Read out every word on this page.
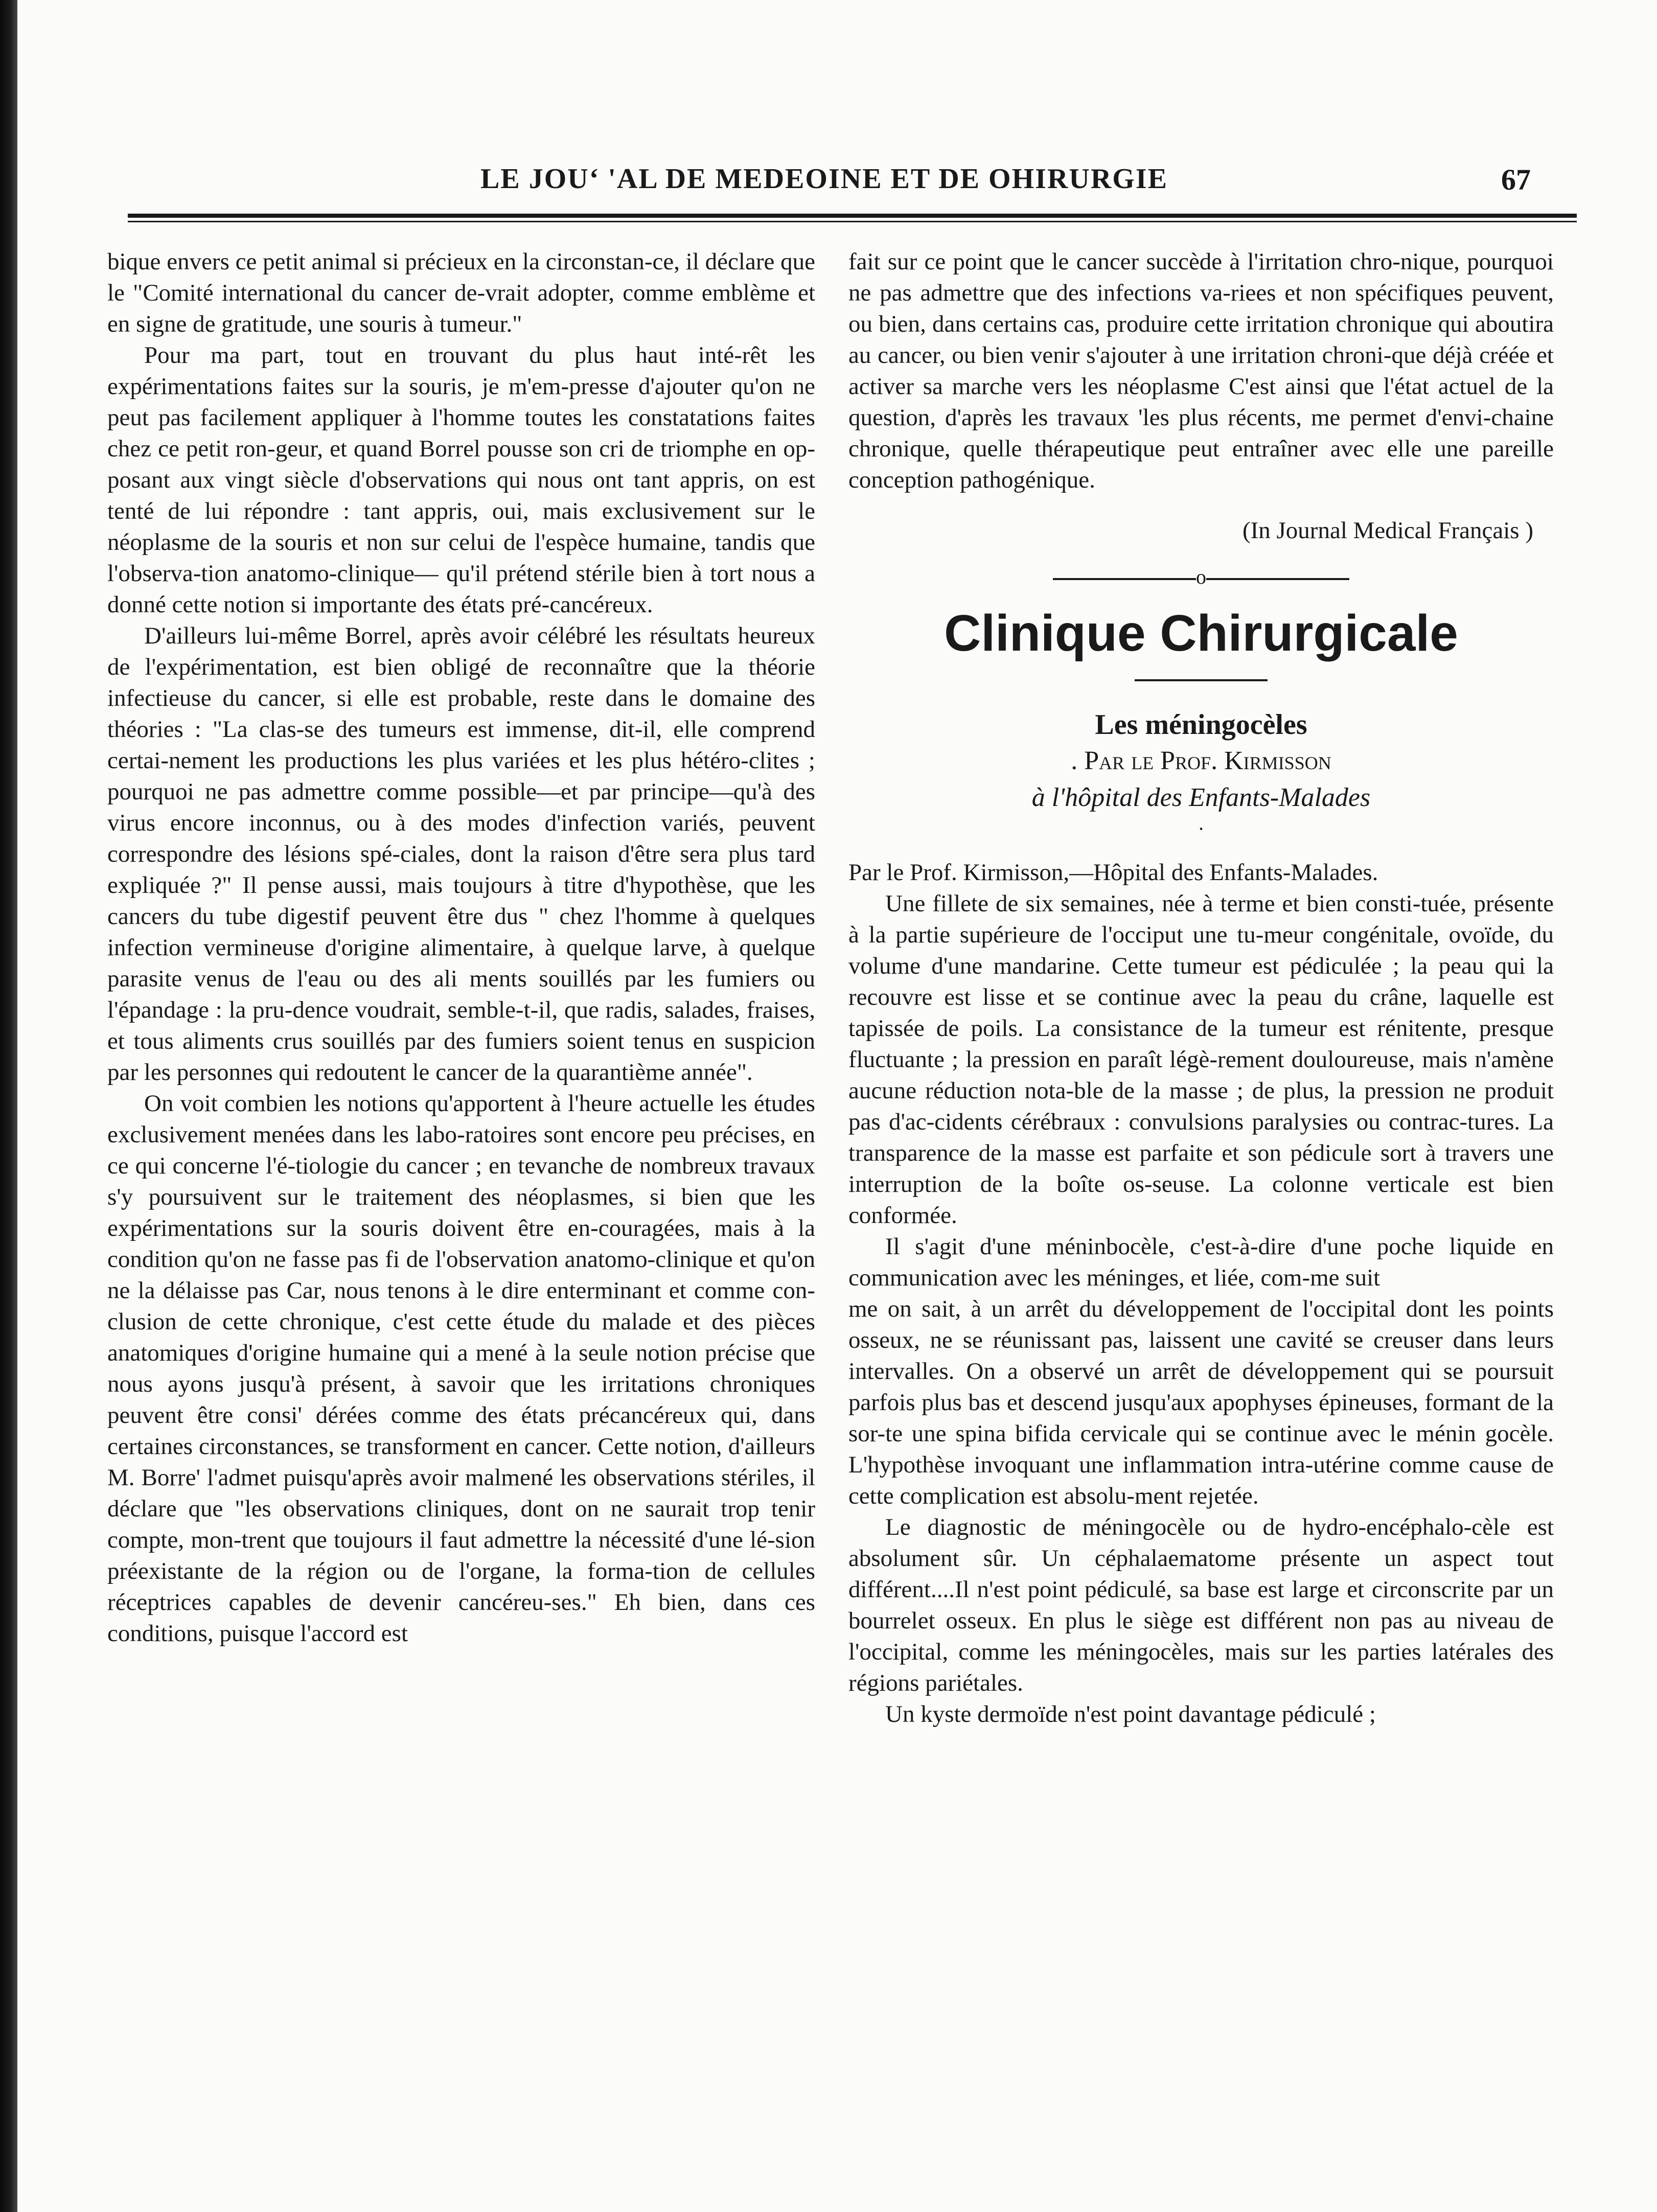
LE JOUʻ 'AL DE MEDEOINE ET DE OHIRURGIE	67

bique envers ce petit animal si précieux en la circonstan-ce, il déclare que le "Comité international du cancer de-vrait adopter, comme emblème et en signe de gratitude, une souris à tumeur."

Pour ma part, tout en trouvant du plus haut inté-rêt les expérimentations faites sur la souris, je m'em-presse d'ajouter qu'on ne peut pas facilement appliquer à l'homme toutes les constatations faites chez ce petit ron-geur, et quand Borrel pousse son cri de triomphe en op-posant aux vingt siècle d'observations qui nous ont tant appris, on est tenté de lui répondre : tant appris, oui, mais exclusivement sur le néoplasme de la souris et non sur celui de l'espèce humaine, tandis que l'observa-tion anatomo-clinique— qu'il prétend stérile bien à tort nous a donné cette notion si importante des états pré-cancéreux.

D'ailleurs lui-même Borrel, après avoir célébré les résultats heureux de l'expérimentation, est bien obligé de reconnaître que la théorie infectieuse du cancer, si elle est probable, reste dans le domaine des théories : "La clas-se des tumeurs est immense, dit-il, elle comprend certai-nement les productions les plus variées et les plus hétéro-clites ; pourquoi ne pas admettre comme possible—et par principe—qu'à des virus encore inconnus, ou à des modes d'infection variés, peuvent correspondre des lésions spé-ciales, dont la raison d'être sera plus tard expliquée ?" Il pense aussi, mais toujours à titre d'hypothèse, que les cancers du tube digestif peuvent être dus " chez l'homme à quelques infection vermineuse d'origine alimentaire, à quelque larve, à quelque parasite venus de l'eau ou des ali ments souillés par les fumiers ou l'épandage : la pru-dence voudrait, semble-t-il, que radis, salades, fraises, et tous aliments crus souillés par des fumiers soient tenus en suspicion par les personnes qui redoutent le cancer de la quarantième année".

On voit combien les notions qu'apportent à l'heure actuelle les études exclusivement menées dans les labo-ratoires sont encore peu précises, en ce qui concerne l'é-tiologie du cancer ; en tevanche de nombreux travaux s'y poursuivent sur le traitement des néoplasmes, si bien que les expérimentations sur la souris doivent être en-couragées, mais à la condition qu'on ne fasse pas fi de l'observation anatomo-clinique et qu'on ne la délaisse pas Car, nous tenons à le dire enterminant et comme con-clusion de cette chronique, c'est cette étude du malade et des pièces anatomiques d'origine humaine qui a mené à la seule notion précise que nous ayons jusqu'à présent, à savoir que les irritations chroniques peuvent être consi' dérées comme des états précancéreux qui, dans certaines circonstances, se transforment en cancer. Cette notion, d'ailleurs M. Borre' l'admet puisqu'après avoir malmené les observations stériles, il déclare que "les observations cliniques, dont on ne saurait trop tenir compte, mon-trent que toujours il faut admettre la nécessité d'une lé-sion préexistante de la région ou de l'organe, la forma-tion de cellules réceptrices capables de devenir cancéreu-ses." Eh bien, dans ces conditions, puisque l'accord est

fait sur ce point que le cancer succède à l'irritation chro-nique, pourquoi ne pas admettre que des infections va-riees et non spécifiques peuvent, ou bien, dans certains cas, produire cette irritation chronique qui aboutira au cancer, ou bien venir s'ajouter à une irritation chroni-que déjà créée et activer sa marche vers les néoplasme C'est ainsi que l'état actuel de la question, d'après les travaux 'les plus récents, me permet d'envi-chaine chronique, quelle thérapeutique peut entraîner avec elle une pareille conception pathogénique.

(In Journal Medical Français )

o
Clinique Chirurgicale
Les méningocèles
. Par le Prof. Kirmisson
à l'hôpital des Enfants-Malades
·

Par le Prof. Kirmisson,—Hôpital des Enfants-Malades.

Une fillete de six semaines, née à terme et bien consti-tuée, présente à la partie supérieure de l'occiput une tu-meur congénitale, ovoïde, du volume d'une mandarine. Cette tumeur est pédiculée ; la peau qui la recouvre est lisse et se continue avec la peau du crâne, laquelle est tapissée de poils. La consistance de la tumeur est rénitente, presque fluctuante ; la pression en paraît légè-rement douloureuse, mais n'amène aucune réduction nota-ble de la masse ; de plus, la pression ne produit pas d'ac-cidents cérébraux : convulsions paralysies ou contrac-tures. La transparence de la masse est parfaite et son pédicule sort à travers une interruption de la boîte os-seuse. La colonne verticale est bien conformée.

Il s'agit d'une méninbocèle, c'est-à-dire d'une poche liquide en communication avec les méninges, et liée, com-me suit

me on sait, à un arrêt du développement de l'occipital dont les points osseux, ne se réunissant pas, laissent une cavité se creuser dans leurs intervalles. On a observé un arrêt de développement qui se poursuit parfois plus bas et descend jusqu'aux apophyses épineuses, formant de la sor-te une spina bifida cervicale qui se continue avec le ménin gocèle. L'hypothèse invoquant une inflammation intra-utérine comme cause de cette complication est absolu-ment rejetée.

Le diagnostic de méningocèle ou de hydro-encéphalo-cèle est absolument sûr. Un céphalaematome présente un aspect tout différent....Il n'est point pédiculé, sa base est large et circonscrite par un bourrelet osseux. En plus le siège est différent non pas au niveau de l'occipital, comme les méningocèles, mais sur les parties latérales des régions pariétales.

Un kyste dermoïde n'est point davantage pédiculé ;
